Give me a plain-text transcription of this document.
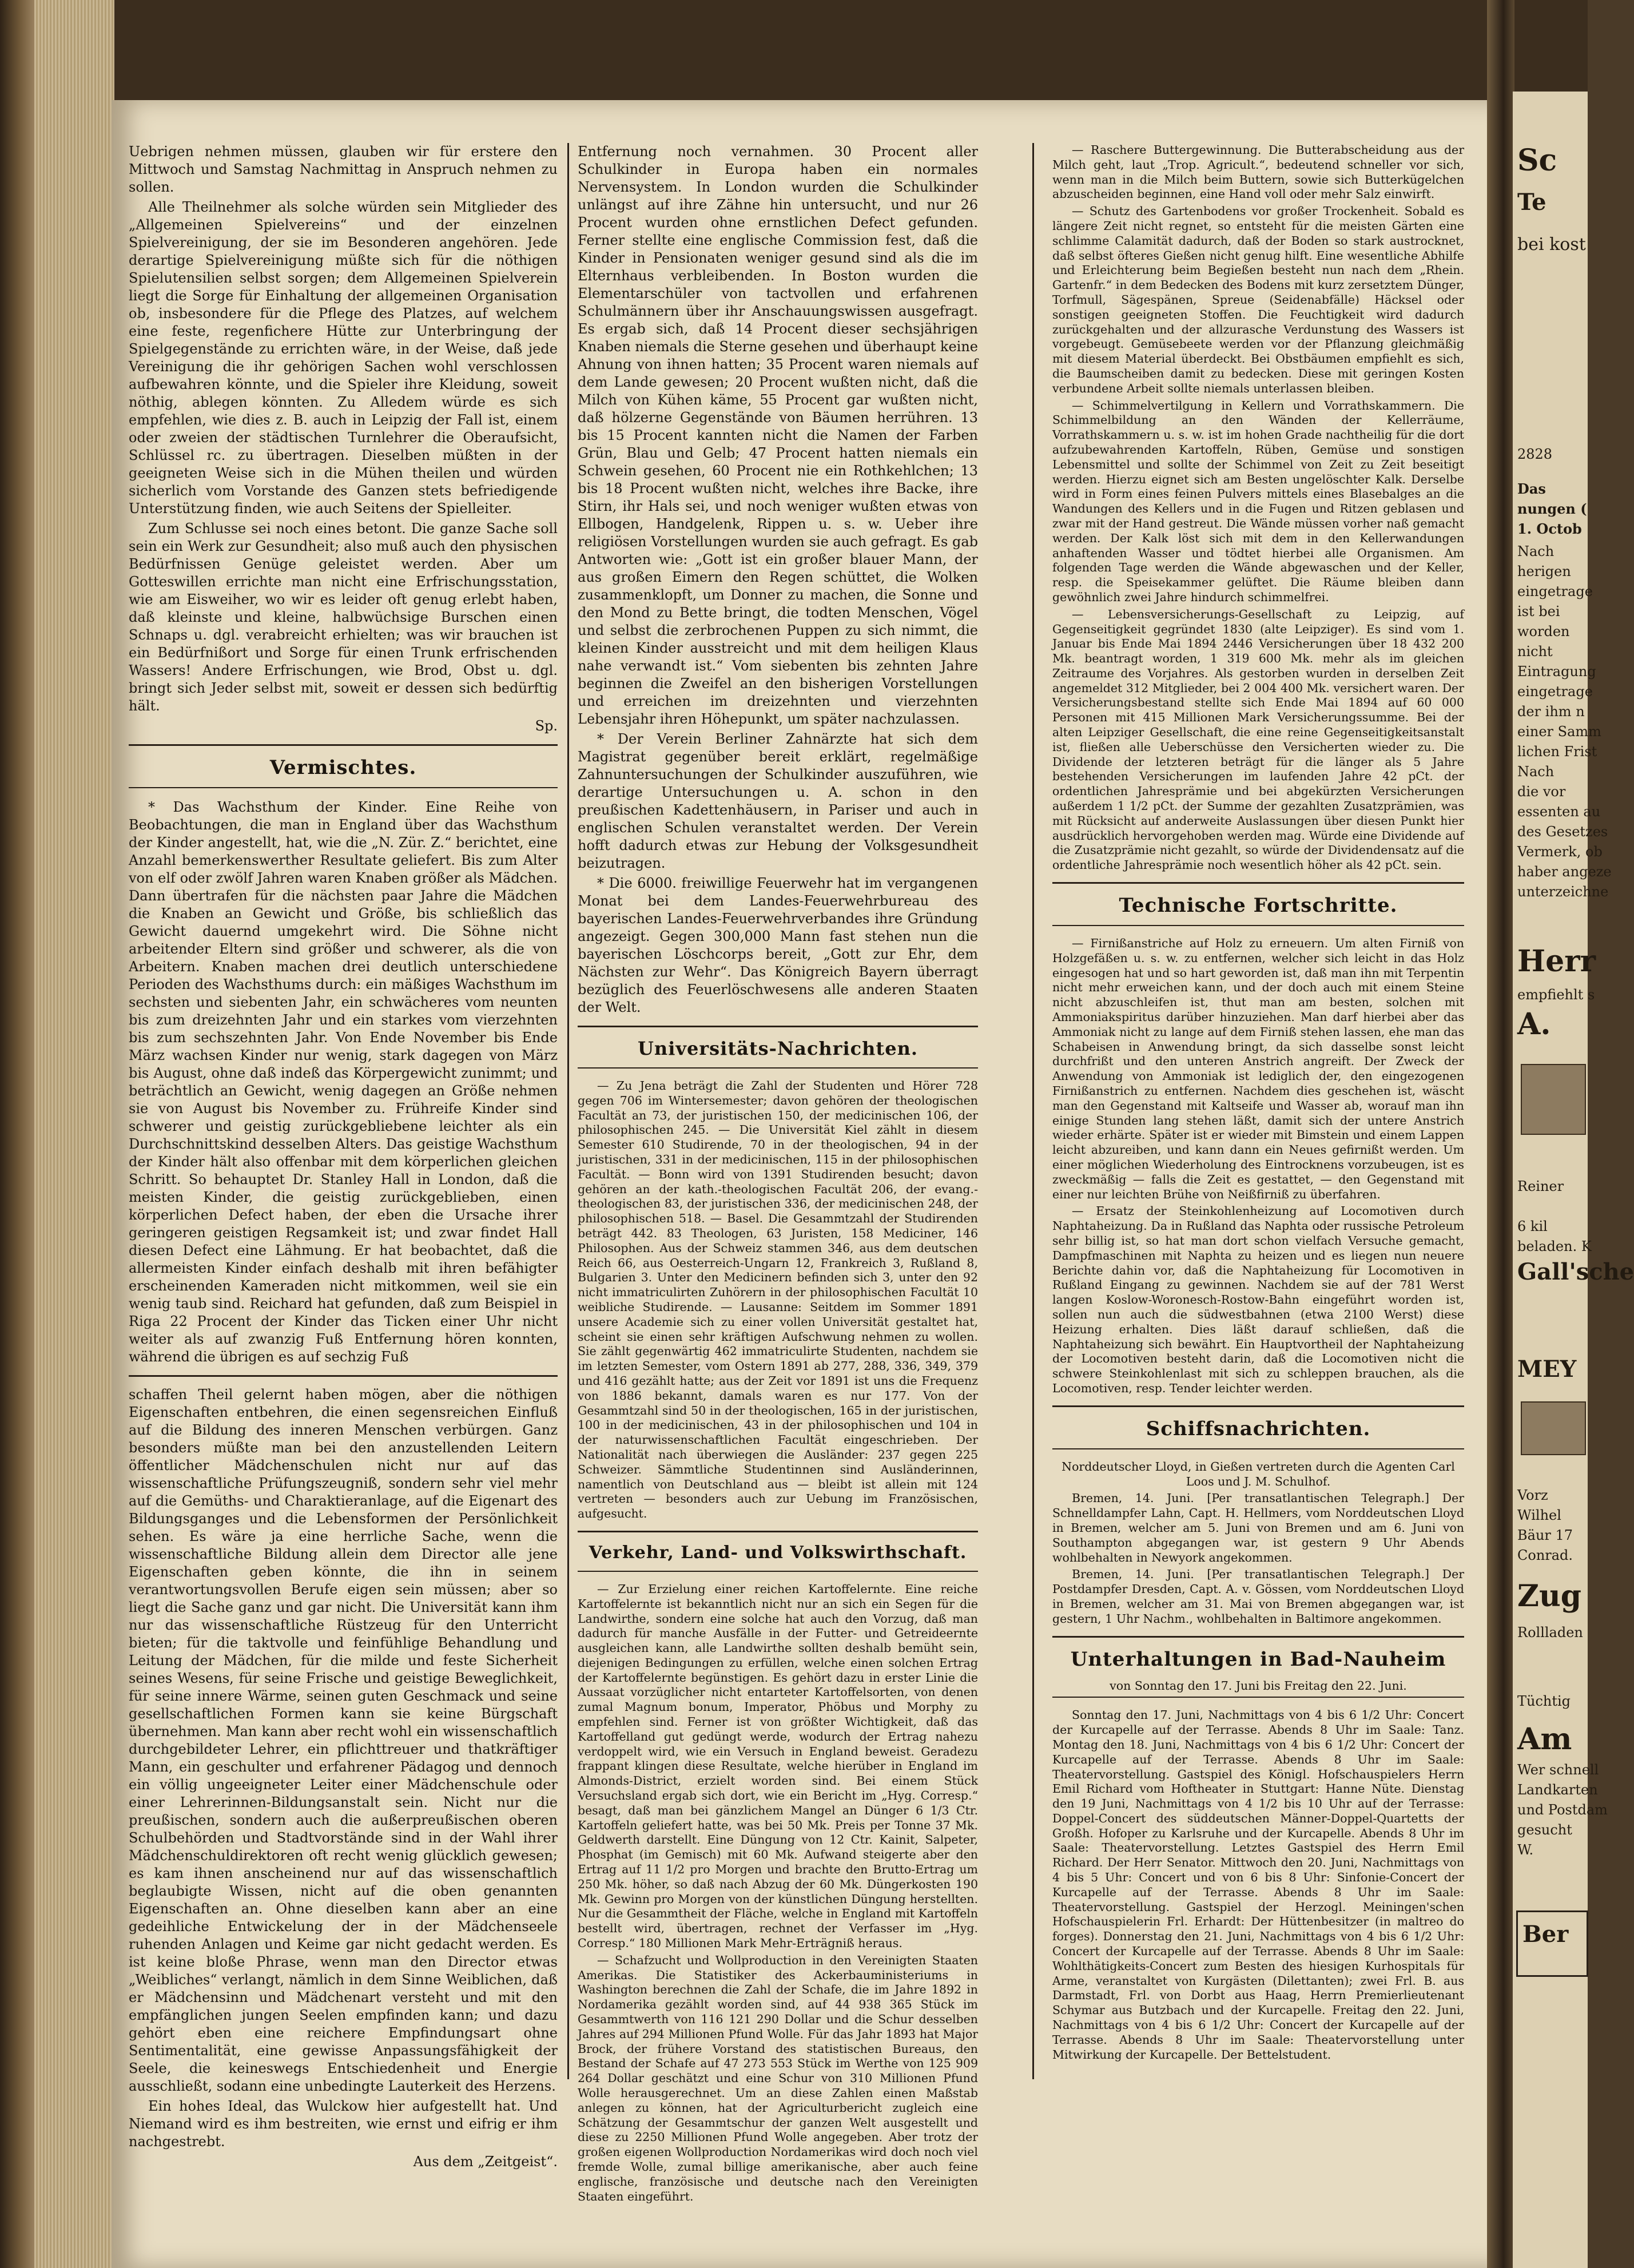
Sc
Te
bei kost
2828
Das
nungen (
1. Octob
Nach
herigen
eingetrage
ist bei
worden
nicht
Eintragung
eingetrage
der ihm n
einer Samm
lichen Frist
Nach
die vor
essenten au
des Gesetzes
Vermerk, ob
haber angeze
unterzeichne
Herr
empfiehlt s
A.
Reiner
6 kil
beladen. K
Gall'sche
MEY
Vorz
Wilhel
Bäur 17
Conrad.
Zug
Rollladen
Tüchtig
Am
Wer schnell
Landkarten
und Postdam
gesucht
W.
Ber

Uebrigen nehmen müssen, glauben wir für erstere den Mittwoch und Samstag Nachmittag in Anspruch nehmen zu sollen.

Alle Theilnehmer als solche würden sein Mitglieder des „Allgemeinen Spielvereins“ und der einzelnen Spielvereinigung, der sie im Besonderen angehören. Jede derartige Spielvereinigung müßte sich für die nöthigen Spielutensilien selbst sorgen; dem Allgemeinen Spielverein liegt die Sorge für Einhaltung der allgemeinen Organisation ob, insbesondere für die Pflege des Platzes, auf welchem eine feste, regenfichere Hütte zur Unterbringung der Spielgegenstände zu errichten wäre, in der Weise, daß jede Vereinigung die ihr gehörigen Sachen wohl verschlossen aufbewahren könnte, und die Spieler ihre Kleidung, soweit nöthig, ablegen könnten. Zu Alledem würde es sich empfehlen, wie dies z. B. auch in Leipzig der Fall ist, einem oder zweien der städtischen Turnlehrer die Oberaufsicht, Schlüssel rc. zu übertragen. Dieselben müßten in der geeigneten Weise sich in die Mühen theilen und würden sicherlich vom Vorstande des Ganzen stets befriedigende Unterstützung finden, wie auch Seitens der Spielleiter.

Zum Schlusse sei noch eines betont. Die ganze Sache soll sein ein Werk zur Gesundheit; also muß auch den physischen Bedürfnissen Genüge geleistet werden. Aber um Gotteswillen errichte man nicht eine Erfrischungsstation, wie am Eisweiher, wo wir es leider oft genug erlebt haben, daß kleinste und kleine, halbwüchsige Burschen einen Schnaps u. dgl. verabreicht erhielten; was wir brauchen ist ein Bedürfnißort und Sorge für einen Trunk erfrischenden Wassers! Andere Erfrischungen, wie Brod, Obst u. dgl. bringt sich Jeder selbst mit, soweit er dessen sich bedürftig hält.

Sp.
Vermischtes.

* Das Wachsthum der Kinder. Eine Reihe von Beobachtungen, die man in England über das Wachsthum der Kinder angestellt, hat, wie die „N. Zür. Z.“ berichtet, eine Anzahl bemerkenswerther Resultate geliefert. Bis zum Alter von elf oder zwölf Jahren waren Knaben größer als Mädchen. Dann übertrafen für die nächsten paar Jahre die Mädchen die Knaben an Gewicht und Größe, bis schließlich das Gewicht dauernd umgekehrt wird. Die Söhne nicht arbeitender Eltern sind größer und schwerer, als die von Arbeitern. Knaben machen drei deutlich unterschiedene Perioden des Wachsthums durch: ein mäßiges Wachsthum im sechsten und siebenten Jahr, ein schwächeres vom neunten bis zum dreizehnten Jahr und ein starkes vom vierzehnten bis zum sechszehnten Jahr. Von Ende November bis Ende März wachsen Kinder nur wenig, stark dagegen von März bis August, ohne daß indeß das Körpergewicht zunimmt; und beträchtlich an Gewicht, wenig dagegen an Größe nehmen sie von August bis November zu. Frühreife Kinder sind schwerer und geistig zurückgebliebene leichter als ein Durchschnittskind desselben Alters. Das geistige Wachsthum der Kinder hält also offenbar mit dem körperlichen gleichen Schritt. So behauptet Dr. Stanley Hall in London, daß die meisten Kinder, die geistig zurückgeblieben, einen körperlichen Defect haben, der eben die Ursache ihrer geringeren geistigen Regsamkeit ist; und zwar findet Hall diesen Defect eine Lähmung. Er hat beobachtet, daß die allermeisten Kinder einfach deshalb mit ihren befähigter erscheinenden Kameraden nicht mitkommen, weil sie ein wenig taub sind. Reichard hat gefunden, daß zum Beispiel in Riga 22 Procent der Kinder das Ticken einer Uhr nicht weiter als auf zwanzig Fuß Entfernung hören konnten, während die übrigen es auf sechzig Fuß

schaffen Theil gelernt haben mögen, aber die nöthigen Eigenschaften entbehren, die einen segensreichen Einfluß auf die Bildung des inneren Menschen verbürgen. Ganz besonders müßte man bei den anzustellenden Leitern öffentlicher Mädchenschulen nicht nur auf das wissenschaftliche Prüfungszeugniß, sondern sehr viel mehr auf die Gemüths- und Charaktieranlage, auf die Eigenart des Bildungsganges und die Lebensformen der Persönlichkeit sehen. Es wäre ja eine herrliche Sache, wenn die wissenschaftliche Bildung allein dem Director alle jene Eigenschaften geben könnte, die ihn in seinem verantwortungsvollen Berufe eigen sein müssen; aber so liegt die Sache ganz und gar nicht. Die Universität kann ihm nur das wissenschaftliche Rüstzeug für den Unterricht bieten; für die taktvolle und feinfühlige Behandlung und Leitung der Mädchen, für die milde und feste Sicherheit seines Wesens, für seine Frische und geistige Beweglichkeit, für seine innere Wärme, seinen guten Geschmack und seine gesellschaftlichen Formen kann sie keine Bürgschaft übernehmen. Man kann aber recht wohl ein wissenschaftlich durchgebildeter Lehrer, ein pflichttreuer und thatkräftiger Mann, ein geschulter und erfahrener Pädagog und dennoch ein völlig ungeeigneter Leiter einer Mädchenschule oder einer Lehrerinnen-Bildungsanstalt sein. Nicht nur die preußischen, sondern auch die außerpreußischen oberen Schulbehörden und Stadtvorstände sind in der Wahl ihrer Mädchenschuldirektoren oft recht wenig glücklich gewesen; es kam ihnen anscheinend nur auf das wissenschaftlich beglaubigte Wissen, nicht auf die oben genannten Eigenschaften an. Ohne dieselben kann aber an eine gedeihliche Entwickelung der in der Mädchenseele ruhenden Anlagen und Keime gar nicht gedacht werden. Es ist keine bloße Phrase, wenn man den Director etwas „Weibliches“ verlangt, nämlich in dem Sinne Weiblichen, daß er Mädchensinn und Mädchenart versteht und mit den empfänglichen jungen Seelen empfinden kann; und dazu gehört eben eine reichere Empfindungsart ohne Sentimentalität, eine gewisse Anpassungsfähigkeit der Seele, die keineswegs Entschiedenheit und Energie ausschließt, sodann eine unbedingte Lauterkeit des Herzens.

Ein hohes Ideal, das Wulckow hier aufgestellt hat. Und Niemand wird es ihm bestreiten, wie ernst und eifrig er ihm nachgestrebt.

Aus dem „Zeitgeist“.

Entfernung noch vernahmen. 30 Procent aller Schulkinder in Europa haben ein normales Nervensystem. In London wurden die Schulkinder unlängst auf ihre Zähne hin untersucht, und nur 26 Procent wurden ohne ernstlichen Defect gefunden. Ferner stellte eine englische Commission fest, daß die Kinder in Pensionaten weniger gesund sind als die im Elternhaus verbleibenden. In Boston wurden die Elementarschüler von tactvollen und erfahrenen Schulmännern über ihr Anschauungswissen ausgefragt. Es ergab sich, daß 14 Procent dieser sechsjährigen Knaben niemals die Sterne gesehen und überhaupt keine Ahnung von ihnen hatten; 35 Procent waren niemals auf dem Lande gewesen; 20 Procent wußten nicht, daß die Milch von Kühen käme, 55 Procent gar wußten nicht, daß hölzerne Gegenstände von Bäumen herrühren. 13 bis 15 Procent kannten nicht die Namen der Farben Grün, Blau und Gelb; 47 Procent hatten niemals ein Schwein gesehen, 60 Procent nie ein Rothkehlchen; 13 bis 18 Procent wußten nicht, welches ihre Backe, ihre Stirn, ihr Hals sei, und noch weniger wußten etwas von Ellbogen, Handgelenk, Rippen u. s. w. Ueber ihre religiösen Vorstellungen wurden sie auch gefragt. Es gab Antworten wie: „Gott ist ein großer blauer Mann, der aus großen Eimern den Regen schüttet, die Wolken zusammenklopft, um Donner zu machen, die Sonne und den Mond zu Bette bringt, die todten Menschen, Vögel und selbst die zerbrochenen Puppen zu sich nimmt, die kleinen Kinder ausstreicht und mit dem heiligen Klaus nahe verwandt ist.“ Vom siebenten bis zehnten Jahre beginnen die Zweifel an den bisherigen Vorstellungen und erreichen im dreizehnten und vierzehnten Lebensjahr ihren Höhepunkt, um später nachzulassen.

* Der Verein Berliner Zahnärzte hat sich dem Magistrat gegenüber bereit erklärt, regelmäßige Zahnuntersuchungen der Schulkinder auszuführen, wie derartige Untersuchungen u. A. schon in den preußischen Kadettenhäusern, in Pariser und auch in englischen Schulen veranstaltet werden. Der Verein hofft dadurch etwas zur Hebung der Volksgesundheit beizutragen.

* Die 6000. freiwillige Feuerwehr hat im vergangenen Monat bei dem Landes-Feuerwehrbureau des bayerischen Landes-Feuerwehrverbandes ihre Gründung angezeigt. Gegen 300,000 Mann fast stehen nun die bayerischen Löschcorps bereit, „Gott zur Ehr, dem Nächsten zur Wehr“. Das Königreich Bayern überragt bezüglich des Feuerlöschwesens alle anderen Staaten der Welt.

Universitäts-Nachrichten.

— Zu Jena beträgt die Zahl der Studenten und Hörer 728 gegen 706 im Wintersemester; davon gehören der theologischen Facultät an 73, der juristischen 150, der medicinischen 106, der philosophischen 245. — Die Universität Kiel zählt in diesem Semester 610 Studirende, 70 in der theologischen, 94 in der juristischen, 331 in der medicinischen, 115 in der philosophischen Facultät. — Bonn wird von 1391 Studirenden besucht; davon gehören an der kath.-theologischen Facultät 206, der evang.-theologischen 83, der juristischen 336, der medicinischen 248, der philosophischen 518. — Basel. Die Gesammtzahl der Studirenden beträgt 442. 83 Theologen, 63 Juristen, 158 Mediciner, 146 Philosophen. Aus der Schweiz stammen 346, aus dem deutschen Reich 66, aus Oesterreich-Ungarn 12, Frankreich 3, Rußland 8, Bulgarien 3. Unter den Medicinern befinden sich 3, unter den 92 nicht immatriculirten Zuhörern in der philosophischen Facultät 10 weibliche Studirende. — Lausanne: Seitdem im Sommer 1891 unsere Academie sich zu einer vollen Universität gestaltet hat, scheint sie einen sehr kräftigen Aufschwung nehmen zu wollen. Sie zählt gegenwärtig 462 immatriculirte Studenten, nachdem sie im letzten Semester, vom Ostern 1891 ab 277, 288, 336, 349, 379 und 416 gezählt hatte; aus der Zeit vor 1891 ist uns die Frequenz von 1886 bekannt, damals waren es nur 177. Von der Gesammtzahl sind 50 in der theologischen, 165 in der juristischen, 100 in der medicinischen, 43 in der philosophischen und 104 in der naturwissenschaftlichen Facultät eingeschrieben. Der Nationalität nach überwiegen die Ausländer: 237 gegen 225 Schweizer. Sämmtliche Studentinnen sind Ausländerinnen, namentlich von Deutschland aus — bleibt ist allein mit 124 vertreten — besonders auch zur Uebung im Französischen, aufgesucht.

Verkehr, Land- und Volkswirthschaft.

— Zur Erzielung einer reichen Kartoffelernte. Eine reiche Kartoffelernte ist bekanntlich nicht nur an sich ein Segen für die Landwirthe, sondern eine solche hat auch den Vorzug, daß man dadurch für manche Ausfälle in der Futter- und Getreideernte ausgleichen kann, alle Landwirthe sollten deshalb bemüht sein, diejenigen Bedingungen zu erfüllen, welche einen solchen Ertrag der Kartoffelernte begünstigen. Es gehört dazu in erster Linie die Aussaat vorzüglicher nicht entarteter Kartoffelsorten, von denen zumal Magnum bonum, Imperator, Phöbus und Morphy zu empfehlen sind. Ferner ist von größter Wichtigkeit, daß das Kartoffelland gut gedüngt werde, wodurch der Ertrag nahezu verdoppelt wird, wie ein Versuch in England beweist. Geradezu frappant klingen diese Resultate, welche hierüber in England im Almonds-District, erzielt worden sind. Bei einem Stück Versuchsland ergab sich dort, wie ein Bericht im „Hyg. Corresp.“ besagt, daß man bei gänzlichem Mangel an Dünger 6 1/3 Ctr. Kartoffeln geliefert hatte, was bei 50 Mk. Preis per Tonne 37 Mk. Geldwerth darstellt. Eine Düngung von 12 Ctr. Kainit, Salpeter, Phosphat (im Gemisch) mit 60 Mk. Aufwand steigerte aber den Ertrag auf 11 1/2 pro Morgen und brachte den Brutto-Ertrag um 250 Mk. höher, so daß nach Abzug der 60 Mk. Düngerkosten 190 Mk. Gewinn pro Morgen von der künstlichen Düngung herstellten. Nur die Gesammtheit der Fläche, welche in England mit Kartoffeln bestellt wird, übertragen, rechnet der Verfasser im „Hyg. Corresp.“ 180 Millionen Mark Mehr-Erträgniß heraus.

— Schafzucht und Wollproduction in den Vereinigten Staaten Amerikas. Die Statistiker des Ackerbauministeriums in Washington berechnen die Zahl der Schafe, die im Jahre 1892 in Nordamerika gezählt worden sind, auf 44 938 365 Stück im Gesammtwerth von 116 121 290 Dollar und die Schur desselben Jahres auf 294 Millionen Pfund Wolle. Für das Jahr 1893 hat Major Brock, der frühere Vorstand des statistischen Bureaus, den Bestand der Schafe auf 47 273 553 Stück im Werthe von 125 909 264 Dollar geschätzt und eine Schur von 310 Millionen Pfund Wolle herausgerechnet. Um an diese Zahlen einen Maßstab anlegen zu können, hat der Agriculturbericht zugleich eine Schätzung der Gesammtschur der ganzen Welt ausgestellt und diese zu 2250 Millionen Pfund Wolle angegeben. Aber trotz der großen eigenen Wollproduction Nordamerikas wird doch noch viel fremde Wolle, zumal billige amerikanische, aber auch feine englische, französische und deutsche nach den Vereinigten Staaten eingeführt.

— Raschere Buttergewinnung. Die Butterabscheidung aus der Milch geht, laut „Trop. Agricult.“, bedeutend schneller vor sich, wenn man in die Milch beim Buttern, sowie sich Butterkügelchen abzuscheiden beginnen, eine Hand voll oder mehr Salz einwirft.

— Schutz des Gartenbodens vor großer Trockenheit. Sobald es längere Zeit nicht regnet, so entsteht für die meisten Gärten eine schlimme Calamität dadurch, daß der Boden so stark austrocknet, daß selbst öfteres Gießen nicht genug hilft. Eine wesentliche Abhilfe und Erleichterung beim Begießen besteht nun nach dem „Rhein. Gartenfr.“ in dem Bedecken des Bodens mit kurz zersetztem Dünger, Torfmull, Sägespänen, Spreue (Seidenabfälle) Häcksel oder sonstigen geeigneten Stoffen. Die Feuchtigkeit wird dadurch zurückgehalten und der allzurasche Verdunstung des Wassers ist vorgebeugt. Gemüsebeete werden vor der Pflanzung gleichmäßig mit diesem Material überdeckt. Bei Obstbäumen empfiehlt es sich, die Baumscheiben damit zu bedecken. Diese mit geringen Kosten verbundene Arbeit sollte niemals unterlassen bleiben.

— Schimmelvertilgung in Kellern und Vorrathskammern. Die Schimmelbildung an den Wänden der Kellerräume, Vorrathskammern u. s. w. ist im hohen Grade nachtheilig für die dort aufzubewahrenden Kartoffeln, Rüben, Gemüse und sonstigen Lebensmittel und sollte der Schimmel von Zeit zu Zeit beseitigt werden. Hierzu eignet sich am Besten ungelöschter Kalk. Derselbe wird in Form eines feinen Pulvers mittels eines Blasebalges an die Wandungen des Kellers und in die Fugen und Ritzen geblasen und zwar mit der Hand gestreut. Die Wände müssen vorher naß gemacht werden. Der Kalk löst sich mit dem in den Kellerwandungen anhaftenden Wasser und tödtet hierbei alle Organismen. Am folgenden Tage werden die Wände abgewaschen und der Keller, resp. die Speisekammer gelüftet. Die Räume bleiben dann gewöhnlich zwei Jahre hindurch schimmelfrei.

— Lebensversicherungs-Gesellschaft zu Leipzig, auf Gegenseitigkeit gegründet 1830 (alte Leipziger). Es sind vom 1. Januar bis Ende Mai 1894 2446 Versicherungen über 18 432 200 Mk. beantragt worden, 1 319 600 Mk. mehr als im gleichen Zeitraume des Vorjahres. Als gestorben wurden in derselben Zeit angemeldet 312 Mitglieder, bei 2 004 400 Mk. versichert waren. Der Versicherungsbestand stellte sich Ende Mai 1894 auf 60 000 Personen mit 415 Millionen Mark Versicherungssumme. Bei der alten Leipziger Gesellschaft, die eine reine Gegenseitigkeitsanstalt ist, fließen alle Ueberschüsse den Versicherten wieder zu. Die Dividende der letzteren beträgt für die länger als 5 Jahre bestehenden Versicherungen im laufenden Jahre 42 pCt. der ordentlichen Jahresprämie und bei abgekürzten Versicherungen außerdem 1 1/2 pCt. der Summe der gezahlten Zusatzprämien, was mit Rücksicht auf anderweite Auslassungen über diesen Punkt hier ausdrücklich hervorgehoben werden mag. Würde eine Dividende auf die Zusatzprämie nicht gezahlt, so würde der Dividendensatz auf die ordentliche Jahresprämie noch wesentlich höher als 42 pCt. sein.

Technische Fortschritte.

— Firnißanstriche auf Holz zu erneuern. Um alten Firniß von Holzgefäßen u. s. w. zu entfernen, welcher sich leicht in das Holz eingesogen hat und so hart geworden ist, daß man ihn mit Terpentin nicht mehr erweichen kann, und der doch auch mit einem Steine nicht abzuschleifen ist, thut man am besten, solchen mit Ammoniakspiritus darüber hinzuziehen. Man darf hierbei aber das Ammoniak nicht zu lange auf dem Firniß stehen lassen, ehe man das Schabeisen in Anwendung bringt, da sich dasselbe sonst leicht durchfrißt und den unteren Anstrich angreift. Der Zweck der Anwendung von Ammoniak ist lediglich der, den eingezogenen Firnißanstrich zu entfernen. Nachdem dies geschehen ist, wäscht man den Gegenstand mit Kaltseife und Wasser ab, worauf man ihn einige Stunden lang stehen läßt, damit sich der untere Anstrich wieder erhärte. Später ist er wieder mit Bimstein und einem Lappen leicht abzureiben, und kann dann ein Neues gefirnißt werden. Um einer möglichen Wiederholung des Eintrocknens vorzubeugen, ist es zweckmäßig — falls die Zeit es gestattet, — den Gegenstand mit einer nur leichten Brühe von Neißfirniß zu überfahren.

— Ersatz der Steinkohlenheizung auf Locomotiven durch Naphtaheizung. Da in Rußland das Naphta oder russische Petroleum sehr billig ist, so hat man dort schon vielfach Versuche gemacht, Dampfmaschinen mit Naphta zu heizen und es liegen nun neuere Berichte dahin vor, daß die Naphtaheizung für Locomotiven in Rußland Eingang zu gewinnen. Nachdem sie auf der 781 Werst langen Koslow-Woronesch-Rostow-Bahn eingeführt worden ist, sollen nun auch die südwestbahnen (etwa 2100 Werst) diese Heizung erhalten. Dies läßt darauf schließen, daß die Naphtaheizung sich bewährt. Ein Hauptvortheil der Naphtaheizung der Locomotiven besteht darin, daß die Locomotiven nicht die schwere Steinkohlenlast mit sich zu schleppen brauchen, als die Locomotiven, resp. Tender leichter werden.

Schiffsnachrichten.

Norddeutscher Lloyd, in Gießen vertreten durch die Agenten Carl Loos und J. M. Schulhof.

Bremen, 14. Juni. [Per transatlantischen Telegraph.] Der Schnelldampfer Lahn, Capt. H. Hellmers, vom Norddeutschen Lloyd in Bremen, welcher am 5. Juni von Bremen und am 6. Juni von Southampton abgegangen war, ist gestern 9 Uhr Abends wohlbehalten in Newyork angekommen.

Bremen, 14. Juni. [Per transatlantischen Telegraph.] Der Postdampfer Dresden, Capt. A. v. Gössen, vom Norddeutschen Lloyd in Bremen, welcher am 31. Mai von Bremen abgegangen war, ist gestern, 1 Uhr Nachm., wohlbehalten in Baltimore angekommen.

Unterhaltungen in Bad-Nauheim

von Sonntag den 17. Juni bis Freitag den 22. Juni.

Sonntag den 17. Juni, Nachmittags von 4 bis 6 1/2 Uhr: Concert der Kurcapelle auf der Terrasse. Abends 8 Uhr im Saale: Tanz. Montag den 18. Juni, Nachmittags von 4 bis 6 1/2 Uhr: Concert der Kurcapelle auf der Terrasse. Abends 8 Uhr im Saale: Theatervorstellung. Gastspiel des Königl. Hofschauspielers Herrn Emil Richard vom Hoftheater in Stuttgart: Hanne Nüte. Dienstag den 19 Juni, Nachmittags von 4 1/2 bis 10 Uhr auf der Terrasse: Doppel-Concert des süddeutschen Männer-Doppel-Quartetts der Großh. Hofoper zu Karlsruhe und der Kurcapelle. Abends 8 Uhr im Saale: Theatervorstellung. Letztes Gastspiel des Herrn Emil Richard. Der Herr Senator. Mittwoch den 20. Juni, Nachmittags von 4 bis 5 Uhr: Concert und von 6 bis 8 Uhr: Sinfonie-Concert der Kurcapelle auf der Terrasse. Abends 8 Uhr im Saale: Theatervorstellung. Gastspiel der Herzogl. Meiningen'schen Hofschauspielerin Frl. Erhardt: Der Hüttenbesitzer (in maltreo do forges). Donnerstag den 21. Juni, Nachmittags von 4 bis 6 1/2 Uhr: Concert der Kurcapelle auf der Terrasse. Abends 8 Uhr im Saale: Wohlthätigkeits-Concert zum Besten des hiesigen Kurhospitals für Arme, veranstaltet von Kurgästen (Dilettanten); zwei Frl. B. aus Darmstadt, Frl. von Dorbt aus Haag, Herrn Premierlieutenant Schymar aus Butzbach und der Kurcapelle. Freitag den 22. Juni, Nachmittags von 4 bis 6 1/2 Uhr: Concert der Kurcapelle auf der Terrasse. Abends 8 Uhr im Saale: Theatervorstellung unter Mitwirkung der Kurcapelle. Der Bettelstudent.
